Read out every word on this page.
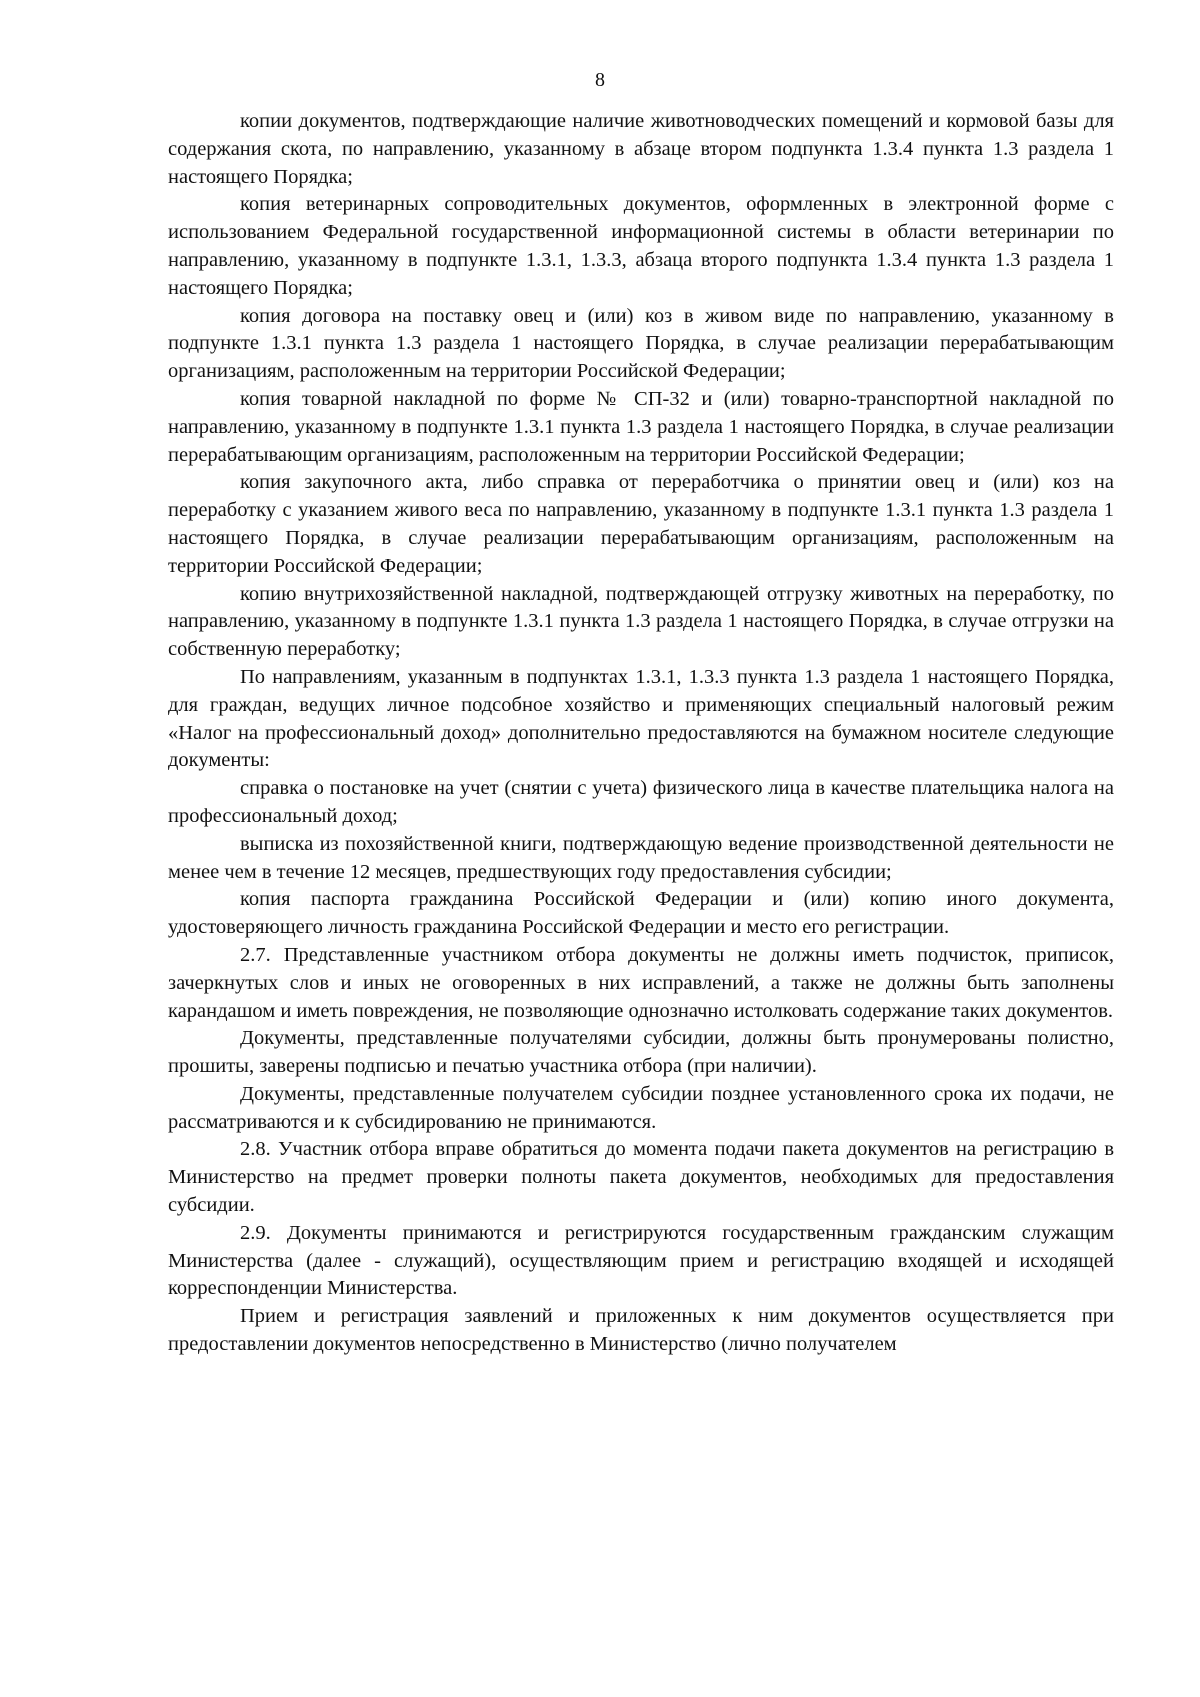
8

копии документов, подтверждающие наличие животноводческих помещений и кормовой базы для содержания скота, по направлению, указанному в абзаце втором подпункта 1.3.4 пункта 1.3 раздела 1 настоящего Порядка;

копия ветеринарных сопроводительных документов, оформленных в электронной форме с использованием Федеральной государственной информационной системы в области ветеринарии по направлению, указанному в подпункте 1.3.1, 1.3.3, абзаца второго подпункта 1.3.4 пункта 1.3 раздела 1 настоящего Порядка;

копия договора на поставку овец и (или) коз в живом виде по направлению, указанному в подпункте 1.3.1 пункта 1.3 раздела 1 настоящего Порядка, в случае реализации перерабатывающим организациям, расположенным на территории Российской Федерации;

копия товарной накладной по форме № СП-32 и (или) товарно-транспортной накладной по направлению, указанному в подпункте 1.3.1 пункта 1.3 раздела 1 настоящего Порядка, в случае реализации перерабатывающим организациям, расположенным на территории Российской Федерации;

копия закупочного акта, либо справка от переработчика о принятии овец и (или) коз на переработку с указанием живого веса по направлению, указанному в подпункте 1.3.1 пункта 1.3 раздела 1 настоящего Порядка, в случае реализации перерабатывающим организациям, расположенным на территории Российской Федерации;

копию внутрихозяйственной накладной, подтверждающей отгрузку животных на переработку, по направлению, указанному в подпункте 1.3.1 пункта 1.3 раздела 1 настоящего Порядка, в случае отгрузки на собственную переработку;

По направлениям, указанным в подпунктах 1.3.1, 1.3.3 пункта 1.3 раздела 1 настоящего Порядка, для граждан, ведущих личное подсобное хозяйство и применяющих специальный налоговый режим «Налог на профессиональный доход» дополнительно предоставляются на бумажном носителе следующие документы:

справка о постановке на учет (снятии с учета) физического лица в качестве плательщика налога на профессиональный доход;

выписка из похозяйственной книги, подтверждающую ведение производственной деятельности не менее чем в течение 12 месяцев, предшествующих году предоставления субсидии;

копия паспорта гражданина Российской Федерации и (или) копию иного документа, удостоверяющего личность гражданина Российской Федерации и место его регистрации.

2.7. Представленные участником отбора документы не должны иметь подчисток, приписок, зачеркнутых слов и иных не оговоренных в них исправлений, а также не должны быть заполнены карандашом и иметь повреждения, не позволяющие однозначно истолковать содержание таких документов.

Документы, представленные получателями субсидии, должны быть пронумерованы полистно, прошиты, заверены подписью и печатью участника отбора (при наличии).

Документы, представленные получателем субсидии позднее установленного срока их подачи, не рассматриваются и к субсидированию не принимаются.

2.8. Участник отбора вправе обратиться до момента подачи пакета документов на регистрацию в Министерство на предмет проверки полноты пакета документов, необходимых для предоставления субсидии.

2.9. Документы принимаются и регистрируются государственным гражданским служащим Министерства (далее - служащий), осуществляющим прием и регистрацию входящей и исходящей корреспонденции Министерства.

Прием и регистрация заявлений и приложенных к ним документов осуществляется при предоставлении документов непосредственно в Министерство (лично получателем
